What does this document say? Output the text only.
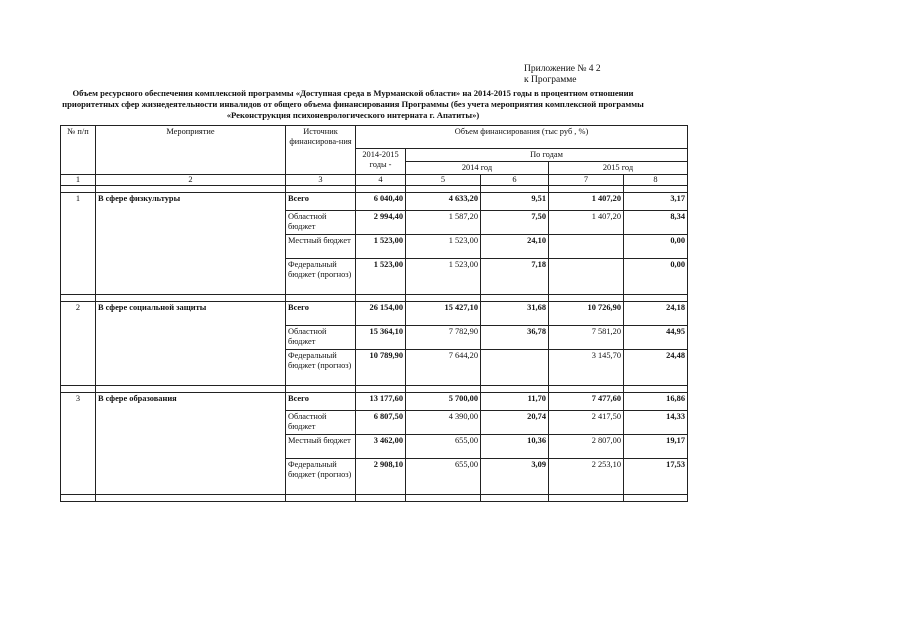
Приложение № 4 2
к Программе
Объем ресурсного обеспечения комплексной программы «Доступная среда в Мурманской области» на 2014-2015 годы в процентном отношении приоритетных сфер жизнедеятельности инвалидов от общего объема финансирования Программы (без учета мероприятия комплексной программы «Реконструкция психоневрологического интерната г. Апатиты»)
№ п/п	Мероприятие	Источник финансирова-ния	Объем финансирования (тыс руб , %)				
			2014-2015 годы -	По годам			
				2014 год		2015 год	
1	2	3	4	5	6	7	8

1	В сфере физкультуры	Всего	6 040,40	4 633,20	9,51	1 407,20	3,17
		Областной бюджет	2 994,40	1 587,20	7,50	1 407,20	8,34
		Местный бюджет	1 523,00	1 523,00	24,10		0,00
		Федеральный бюджет (прогноз)	1 523,00	1 523,00	7,18		0,00

2	В сфере социальной защиты	Всего	26 154,00	15 427,10	31,68	10 726,90	24,18
		Областной бюджет	15 364,10	7 782,90	36,78	7 581,20	44,95
		Федеральный бюджет (прогноз)	10 789,90	7 644,20		3 145,70	24,48

3	В сфере образования	Всего	13 177,60	5 700,00	11,70	7 477,60	16,86
		Областной бюджет	6 807,50	4 390,00	20,74	2 417,50	14,33
		Местный бюджет	3 462,00	655,00	10,36	2 807,00	19,17
		Федеральный бюджет (прогноз)	2 908,10	655,00	3,09	2 253,10	17,53
